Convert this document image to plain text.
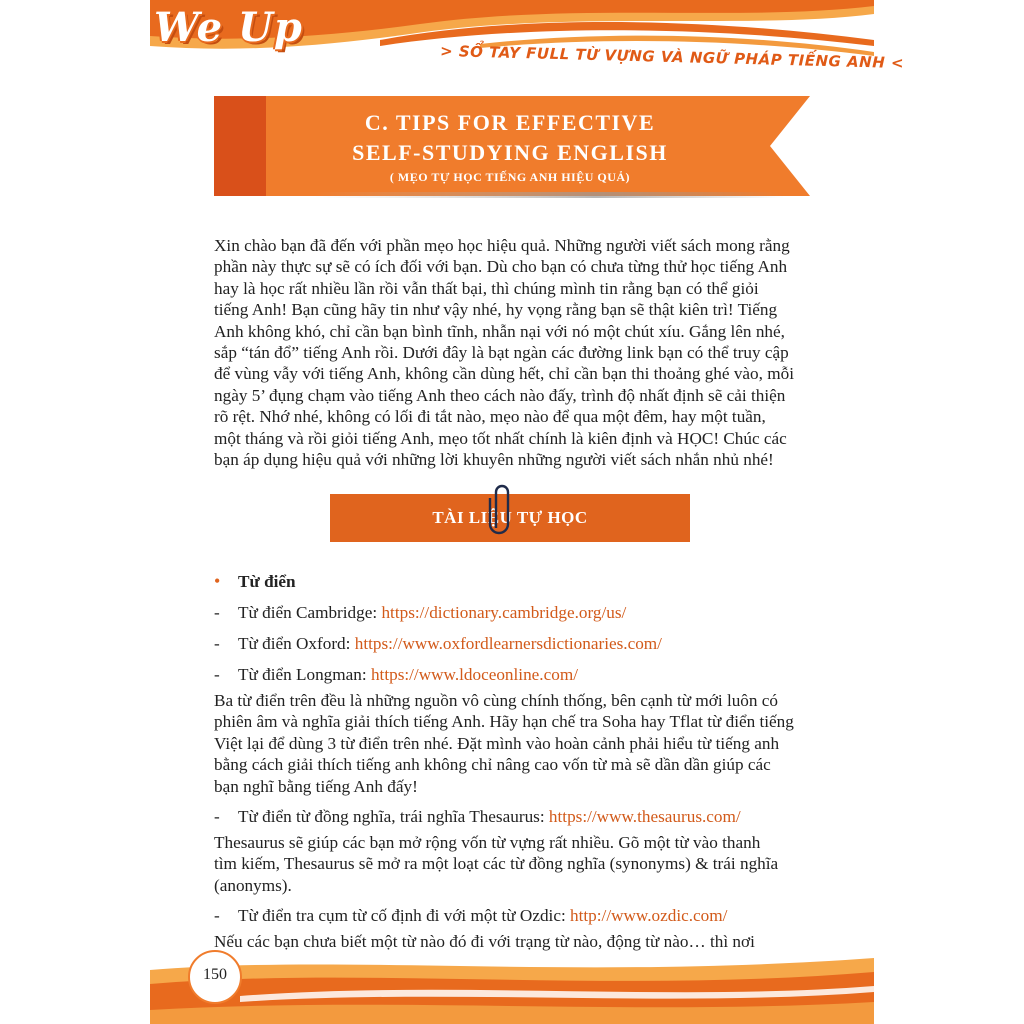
We Up
> SỔ TAY FULL TỪ VỰNG VÀ NGỮ PHÁP TIẾNG ANH <
C. TIPS FOR EFFECTIVE
SELF-STUDYING ENGLISH
( MẸO TỰ HỌC TIẾNG ANH HIỆU QUẢ)
Xin chào bạn đã đến với phần mẹo học hiệu quả. Những người viết sách mong rằng
phần này thực sự sẽ có ích đối với bạn. Dù cho bạn có chưa từng thử học tiếng Anh
hay là học rất nhiều lần rồi vẫn thất bại, thì chúng mình tin rằng bạn có thể giỏi
tiếng Anh! Bạn cũng hãy tin như vậy nhé, hy vọng rằng bạn sẽ thật kiên trì! Tiếng
Anh không khó, chỉ cần bạn bình tĩnh, nhẫn nại với nó một chút xíu. Gắng lên nhé,
sắp “tán đổ” tiếng Anh rồi. Dưới đây là bạt ngàn các đường link bạn có thể truy cập
để vùng vẫy với tiếng Anh, không cần dùng hết, chỉ cần bạn thi thoảng ghé vào, mỗi
ngày 5’ đụng chạm vào tiếng Anh theo cách nào đấy, trình độ nhất định sẽ cải thiện
rõ rệt. Nhớ nhé, không có lối đi tắt nào, mẹo nào để qua một đêm, hay một tuần,
một tháng và rồi giỏi tiếng Anh, mẹo tốt nhất chính là kiên định và HỌC! Chúc các
bạn áp dụng hiệu quả với những lời khuyên những người viết sách nhắn nhủ nhé!
TÀI LIỆU TỰ HỌC
• Từ điển
- Từ điển Cambridge: https://dictionary.cambridge.org/us/
- Từ điển Oxford: https://www.oxfordlearnersdictionaries.com/
- Từ điển Longman: https://www.ldoceonline.com/
Ba từ điển trên đều là những nguồn vô cùng chính thống, bên cạnh từ mới luôn có
phiên âm và nghĩa giải thích tiếng Anh. Hãy hạn chế tra Soha hay Tflat từ điển tiếng
Việt lại để dùng 3 từ điển trên nhé. Đặt mình vào hoàn cảnh phải hiểu từ tiếng anh
bằng cách giải thích tiếng anh không chỉ nâng cao vốn từ mà sẽ dần dần giúp các
bạn nghĩ bằng tiếng Anh đấy!
- Từ điển từ đồng nghĩa, trái nghĩa Thesaurus: https://www.thesaurus.com/
Thesaurus sẽ giúp các bạn mở rộng vốn từ vựng rất nhiều. Gõ một từ vào thanh
tìm kiếm, Thesaurus sẽ mở ra một loạt các từ đồng nghĩa (synonyms) & trái nghĩa
(anonyms).
- Từ điển tra cụm từ cố định đi với một từ Ozdic: http://www.ozdic.com/
Nếu các bạn chưa biết một từ nào đó đi với trạng từ nào, động từ nào… thì nơi
150
